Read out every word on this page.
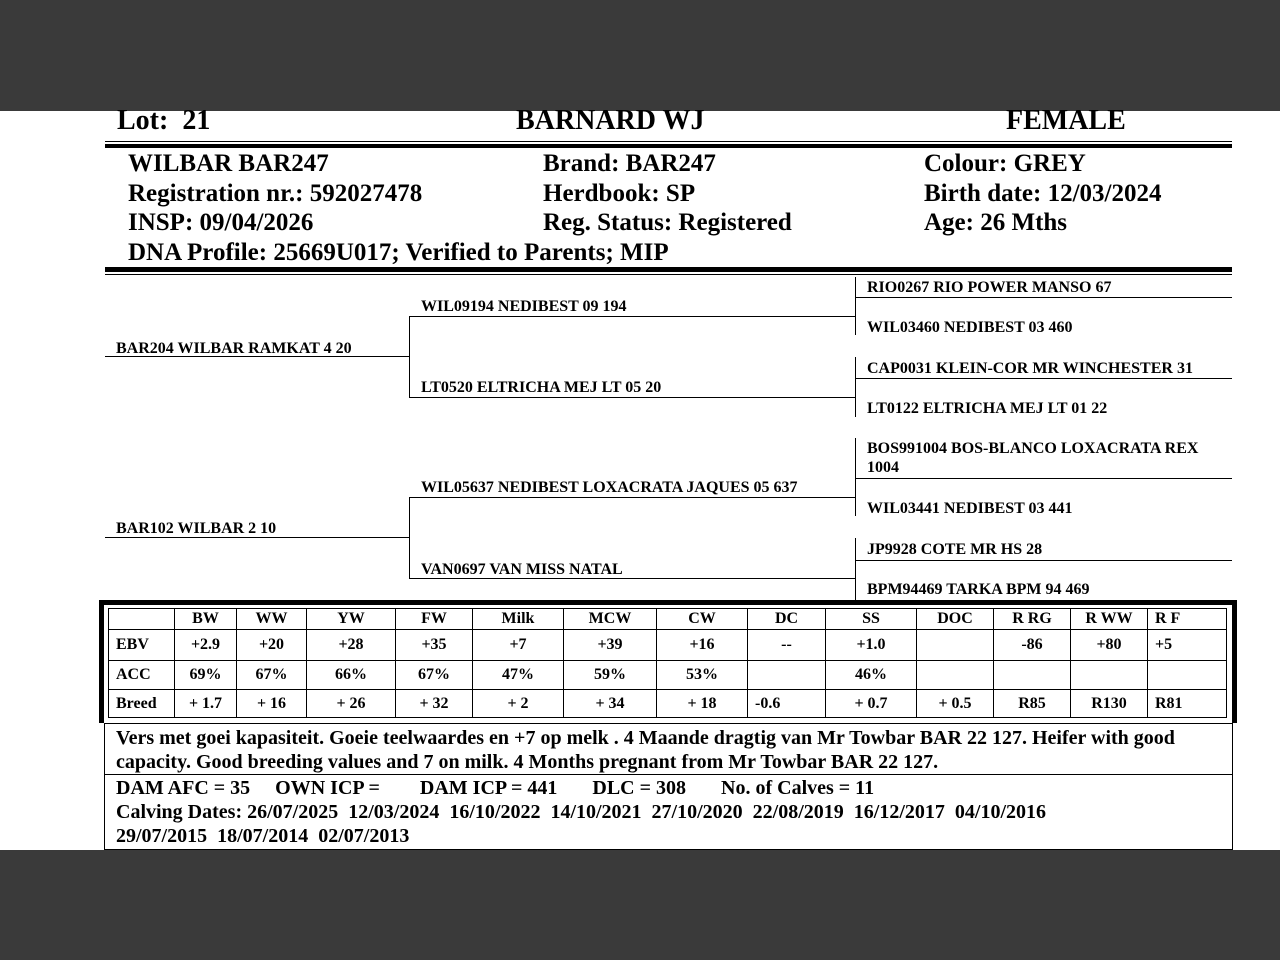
Lot: 21	BARNARD WJ	FEMALE
WILBAR BAR247
Registration nr.: 592027478
INSP: 09/04/2026
DNA Profile: 25669U017; Verified to Parents; MIP
Brand: BAR247
Herdbook: SP
Reg. Status: Registered
Colour: GREY
Birth date: 12/03/2024
Age: 26 Mths
BAR204 WILBAR RAMKAT 4 20
BAR102 WILBAR 2 10
WIL09194 NEDIBEST 09 194
LT0520 ELTRICHA MEJ LT 05 20
WIL05637 NEDIBEST LOXACRATA JAQUES 05 637
VAN0697 VAN MISS NATAL
RIO0267 RIO POWER MANSO 67
WIL03460 NEDIBEST 03 460
CAP0031 KLEIN-COR MR WINCHESTER 31
LT0122 ELTRICHA MEJ LT 01 22
BOS991004 BOS-BLANCO LOXACRATA REX 1004
WIL03441 NEDIBEST 03 441
JP9928 COTE MR HS 28
BPM94469 TARKA BPM 94 469
	BW	WW	YW	FW	Milk	MCW	CW	DC	SS	DOC	R RG	R WW	R F
EBV	+2.9	+20	+28	+35	+7	+39	+16	--	+1.0		-86	+80	+5
ACC	69%	67%	66%	67%	47%	59%	53%		46%				
Breed	+ 1.7	+ 16	+ 26	+ 32	+ 2	+ 34	+ 18	-0.6	+ 0.7	+ 0.5	R85	R130	R81
Vers met goei kapasiteit. Goeie teelwaardes en +7 op melk . 4 Maande dragtig van Mr Towbar BAR 22 127. Heifer with good capacity. Good breeding values and 7 on milk. 4 Months pregnant from Mr Towbar BAR 22 127.
DAM AFC = 35     OWN ICP =        DAM ICP = 441       DLC = 308       No. of Calves = 11
Calving Dates: 26/07/2025  12/03/2024  16/10/2022  14/10/2021  27/10/2020  22/08/2019  16/12/2017  04/10/2016
29/07/2015  18/07/2014  02/07/2013
